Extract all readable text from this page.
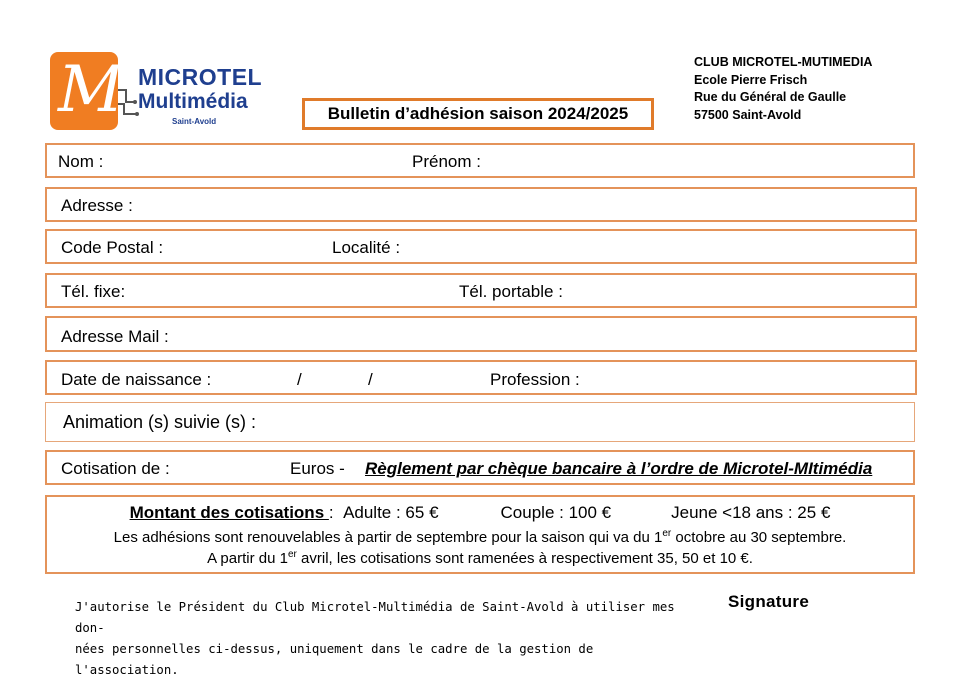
M MICROTEL
Multimédia
Saint-Avold	Bulletin d’adhésion saison 2024/2025
CLUB MICROTEL-MUTIMEDIA
Ecole Pierre Frisch
Rue du Général de Gaulle
57500 Saint-Avold
Nom :	Prénom :
Adresse :
Code Postal :	Localité :
Tél. fixe:	Tél. portable :
Adresse Mail :
Date de naissance :	/	/	Profession :
Animation (s) suivie (s) :
Cotisation de :	Euros - Règlement par chèque bancaire à l’ordre de Microtel-MItimédia
Montant des cotisations : Adulte : 65 €	Couple : 100 €	Jeune <18 ans : 25 €
Les adhésions sont renouvelables à partir de septembre pour la saison qui va du 1er octobre au 30 septembre.
A partir du 1er avril, les cotisations sont ramenées à respectivement 35, 50 et 10 €.
J'autorise le Président du Club Microtel-Multimédia de Saint-Avold à utiliser mes don-
nées personnelles ci-dessus, uniquement dans le cadre de la gestion de l'association.
Signature
